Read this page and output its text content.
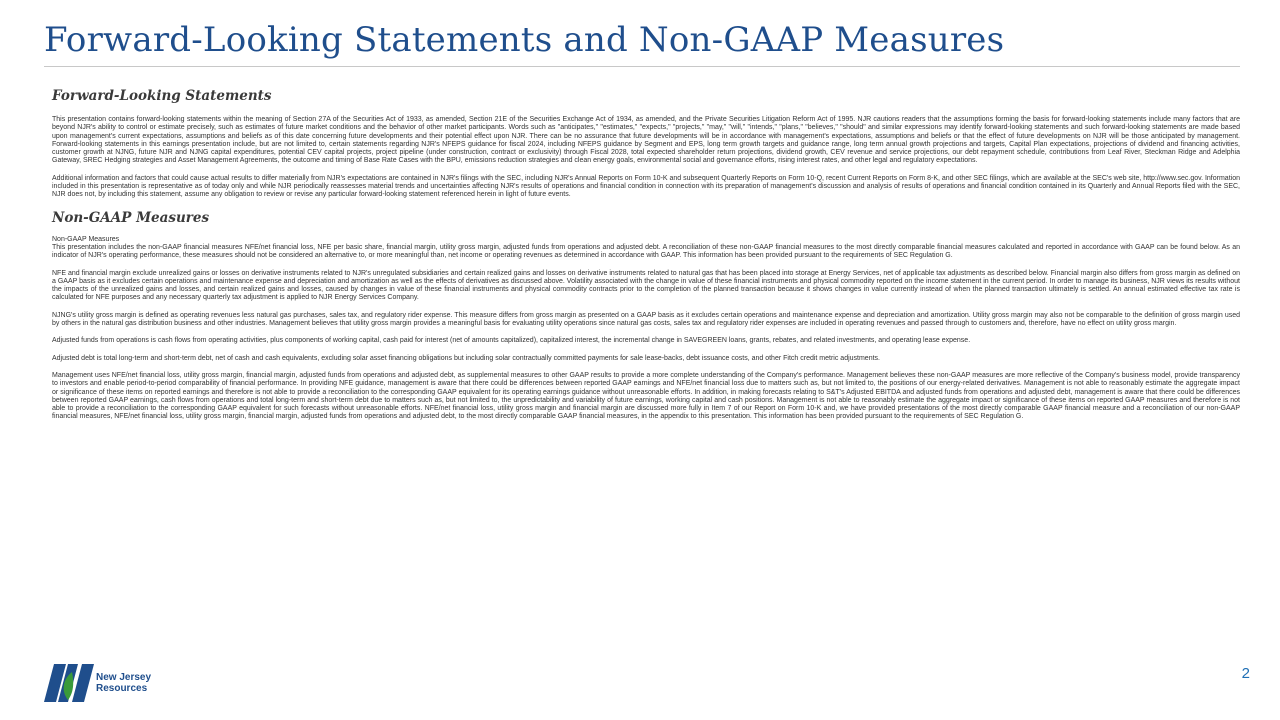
Forward-Looking Statements and Non-GAAP Measures
Forward-Looking Statements

This presentation contains forward-looking statements within the meaning of Section 27A of the Securities Act of 1933, as amended, Section 21E of the Securities Exchange Act of 1934, as amended, and the Private Securities Litigation Reform Act of 1995. NJR cautions readers that the assumptions forming the basis for forward-looking statements include many factors that are beyond NJR's ability to control or estimate precisely, such as estimates of future market conditions and the behavior of other market participants. Words such as "anticipates," "estimates," "expects," "projects," "may," "will," "intends," "plans," "believes," "should" and similar expressions may identify forward-looking statements and such forward-looking statements are made based upon management's current expectations, assumptions and beliefs as of this date concerning future developments and their potential effect upon NJR. There can be no assurance that future developments will be in accordance with management's expectations, assumptions and beliefs or that the effect of future developments on NJR will be those anticipated by management. Forward-looking statements in this earnings presentation include, but are not limited to, certain statements regarding NJR's NFEPS guidance for fiscal 2024, including NFEPS guidance by Segment and EPS, long term growth targets and guidance range, long term annual growth projections and targets, Capital Plan expectations, projections of dividend and financing activities, customer growth at NJNG, future NJR and NJNG capital expenditures, potential CEV capital projects, project pipeline (under construction, contract or exclusivity) through Fiscal 2028, total expected shareholder return projections, dividend growth, CEV revenue and service projections, our debt repayment schedule, contributions from Leaf River, Steckman Ridge and Adelphia Gateway, SREC Hedging strategies and Asset Management Agreements, the outcome and timing of Base Rate Cases with the BPU, emissions reduction strategies and clean energy goals, environmental social and governance efforts, rising interest rates, and other legal and regulatory expectations.

Additional information and factors that could cause actual results to differ materially from NJR's expectations are contained in NJR's filings with the SEC, including NJR's Annual Reports on Form 10-K and subsequent Quarterly Reports on Form 10-Q, recent Current Reports on Form 8-K, and other SEC filings, which are available at the SEC's web site, http://www.sec.gov. Information included in this presentation is representative as of today only and while NJR periodically reassesses material trends and uncertainties affecting NJR's results of operations and financial condition in connection with its preparation of management's discussion and analysis of results of operations and financial condition contained in its Quarterly and Annual Reports filed with the SEC, NJR does not, by including this statement, assume any obligation to review or revise any particular forward-looking statement referenced herein in light of future events.

Non-GAAP Measures

Non-GAAP Measures

This presentation includes the non-GAAP financial measures NFE/net financial loss, NFE per basic share, financial margin, utility gross margin, adjusted funds from operations and adjusted debt. A reconciliation of these non-GAAP financial measures to the most directly comparable financial measures calculated and reported in accordance with GAAP can be found below. As an indicator of NJR's operating performance, these measures should not be considered an alternative to, or more meaningful than, net income or operating revenues as determined in accordance with GAAP. This information has been provided pursuant to the requirements of SEC Regulation G.

NFE and financial margin exclude unrealized gains or losses on derivative instruments related to NJR's unregulated subsidiaries and certain realized gains and losses on derivative instruments related to natural gas that has been placed into storage at Energy Services, net of applicable tax adjustments as described below. Financial margin also differs from gross margin as defined on a GAAP basis as it excludes certain operations and maintenance expense and depreciation and amortization as well as the effects of derivatives as discussed above. Volatility associated with the change in value of these financial instruments and physical commodity reported on the income statement in the current period. In order to manage its business, NJR views its results without the impacts of the unrealized gains and losses, and certain realized gains and losses, caused by changes in value of these financial instruments and physical commodity contracts prior to the completion of the planned transaction because it shows changes in value currently instead of when the planned transaction ultimately is settled. An annual estimated effective tax rate is calculated for NFE purposes and any necessary quarterly tax adjustment is applied to NJR Energy Services Company.

NJNG's utility gross margin is defined as operating revenues less natural gas purchases, sales tax, and regulatory rider expense. This measure differs from gross margin as presented on a GAAP basis as it excludes certain operations and maintenance expense and depreciation and amortization. Utility gross margin may also not be comparable to the definition of gross margin used by others in the natural gas distribution business and other industries. Management believes that utility gross margin provides a meaningful basis for evaluating utility operations since natural gas costs, sales tax and regulatory rider expenses are included in operating revenues and passed through to customers and, therefore, have no effect on utility gross margin.

Adjusted funds from operations is cash flows from operating activities, plus components of working capital, cash paid for interest (net of amounts capitalized), capitalized interest, the incremental change in SAVEGREEN loans, grants, rebates, and related investments, and operating lease expense.

Adjusted debt is total long-term and short-term debt, net of cash and cash equivalents, excluding solar asset financing obligations but including solar contractually committed payments for sale lease-backs, debt issuance costs, and other Fitch credit metric adjustments.

Management uses NFE/net financial loss, utility gross margin, financial margin, adjusted funds from operations and adjusted debt, as supplemental measures to other GAAP results to provide a more complete understanding of the Company's performance. Management believes these non-GAAP measures are more reflective of the Company's business model, provide transparency to investors and enable period-to-period comparability of financial performance. In providing NFE guidance, management is aware that there could be differences between reported GAAP earnings and NFE/net financial loss due to matters such as, but not limited to, the positions of our energy-related derivatives. Management is not able to reasonably estimate the aggregate impact or significance of these items on reported earnings and therefore is not able to provide a reconciliation to the corresponding GAAP equivalent for its operating earnings guidance without unreasonable efforts. In addition, in making forecasts relating to S&T's Adjusted EBITDA and adjusted funds from operations and adjusted debt, management is aware that there could be differences between reported GAAP earnings, cash flows from operations and total long-term and short-term debt due to matters such as, but not limited to, the unpredictability and variability of future earnings, working capital and cash positions. Management is not able to reasonably estimate the aggregate impact or significance of these items on reported GAAP measures and therefore is not able to provide a reconciliation to the corresponding GAAP equivalent for such forecasts without unreasonable efforts. NFE/net financial loss, utility gross margin and financial margin are discussed more fully in Item 7 of our Report on Form 10-K and, we have provided presentations of the most directly comparable GAAP financial measure and a reconciliation of our non-GAAP financial measures, NFE/net financial loss, utility gross margin, financial margin, adjusted funds from operations and adjusted debt, to the most directly comparable GAAP financial measures, in the appendix to this presentation. This information has been provided pursuant to the requirements of SEC Regulation G.

New Jersey
Resources
2
